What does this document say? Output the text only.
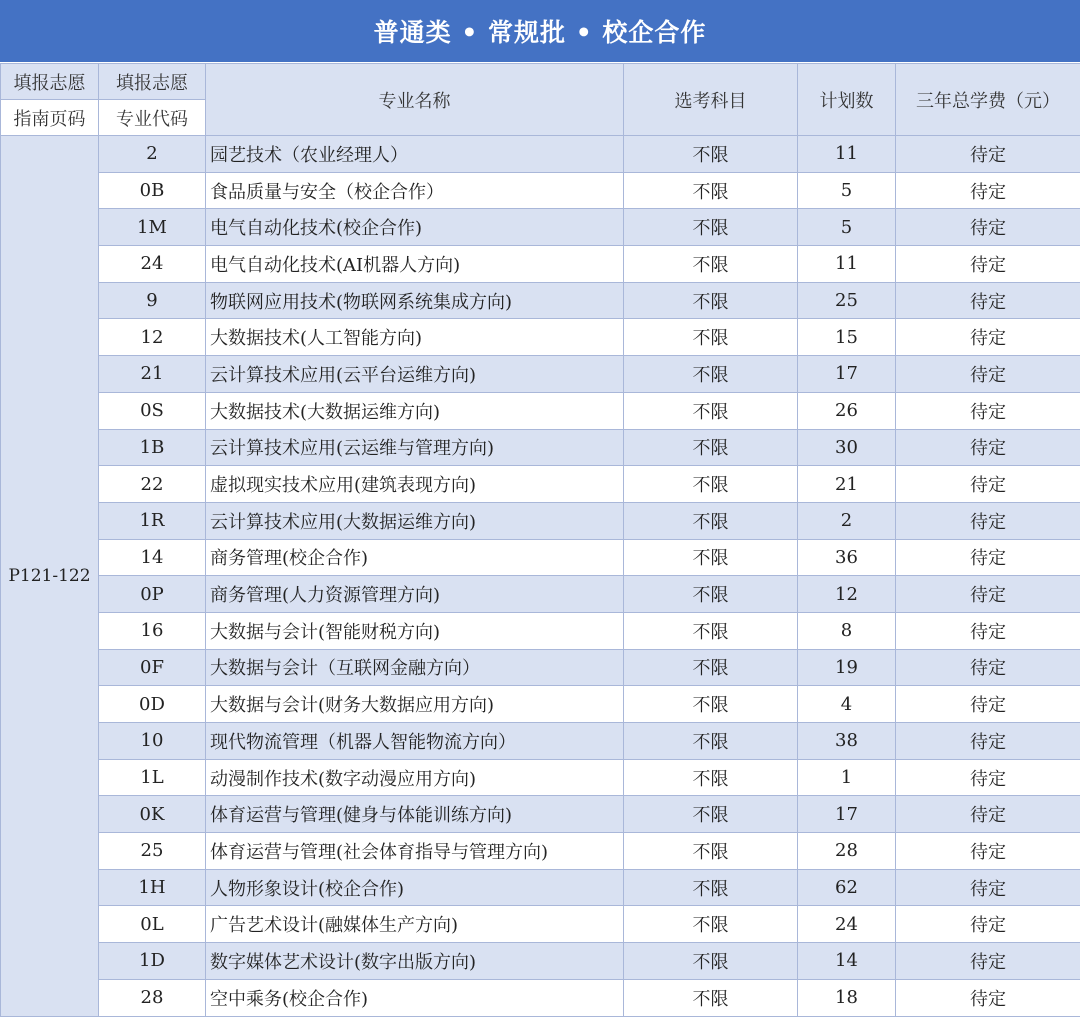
普通类 • 常规批 • 校企合作
填报志愿	填报志愿	专业名称	选考科目	计划数	三年总学费（元）
指南页码	专业代码				
P121-122	2	园艺技术（农业经理人）	不限	11	待定
	0B	食品质量与安全（校企合作）	不限	5	待定
	1M	电气自动化技术(校企合作)	不限	5	待定
	24	电气自动化技术(AI机器人方向)	不限	11	待定
	9	物联网应用技术(物联网系统集成方向)	不限	25	待定
	12	大数据技术(人工智能方向)	不限	15	待定
	21	云计算技术应用(云平台运维方向)	不限	17	待定
	0S	大数据技术(大数据运维方向)	不限	26	待定
	1B	云计算技术应用(云运维与管理方向)	不限	30	待定
	22	虚拟现实技术应用(建筑表现方向)	不限	21	待定
	1R	云计算技术应用(大数据运维方向)	不限	2	待定
	14	商务管理(校企合作)	不限	36	待定
	0P	商务管理(人力资源管理方向)	不限	12	待定
	16	大数据与会计(智能财税方向)	不限	8	待定
	0F	大数据与会计（互联网金融方向）	不限	19	待定
	0D	大数据与会计(财务大数据应用方向)	不限	4	待定
	10	现代物流管理（机器人智能物流方向）	不限	38	待定
	1L	动漫制作技术(数字动漫应用方向)	不限	1	待定
	0K	体育运营与管理(健身与体能训练方向)	不限	17	待定
	25	体育运营与管理(社会体育指导与管理方向)	不限	28	待定
	1H	人物形象设计(校企合作)	不限	62	待定
	0L	广告艺术设计(融媒体生产方向)	不限	24	待定
	1D	数字媒体艺术设计(数字出版方向)	不限	14	待定
	28	空中乘务(校企合作)	不限	18	待定
